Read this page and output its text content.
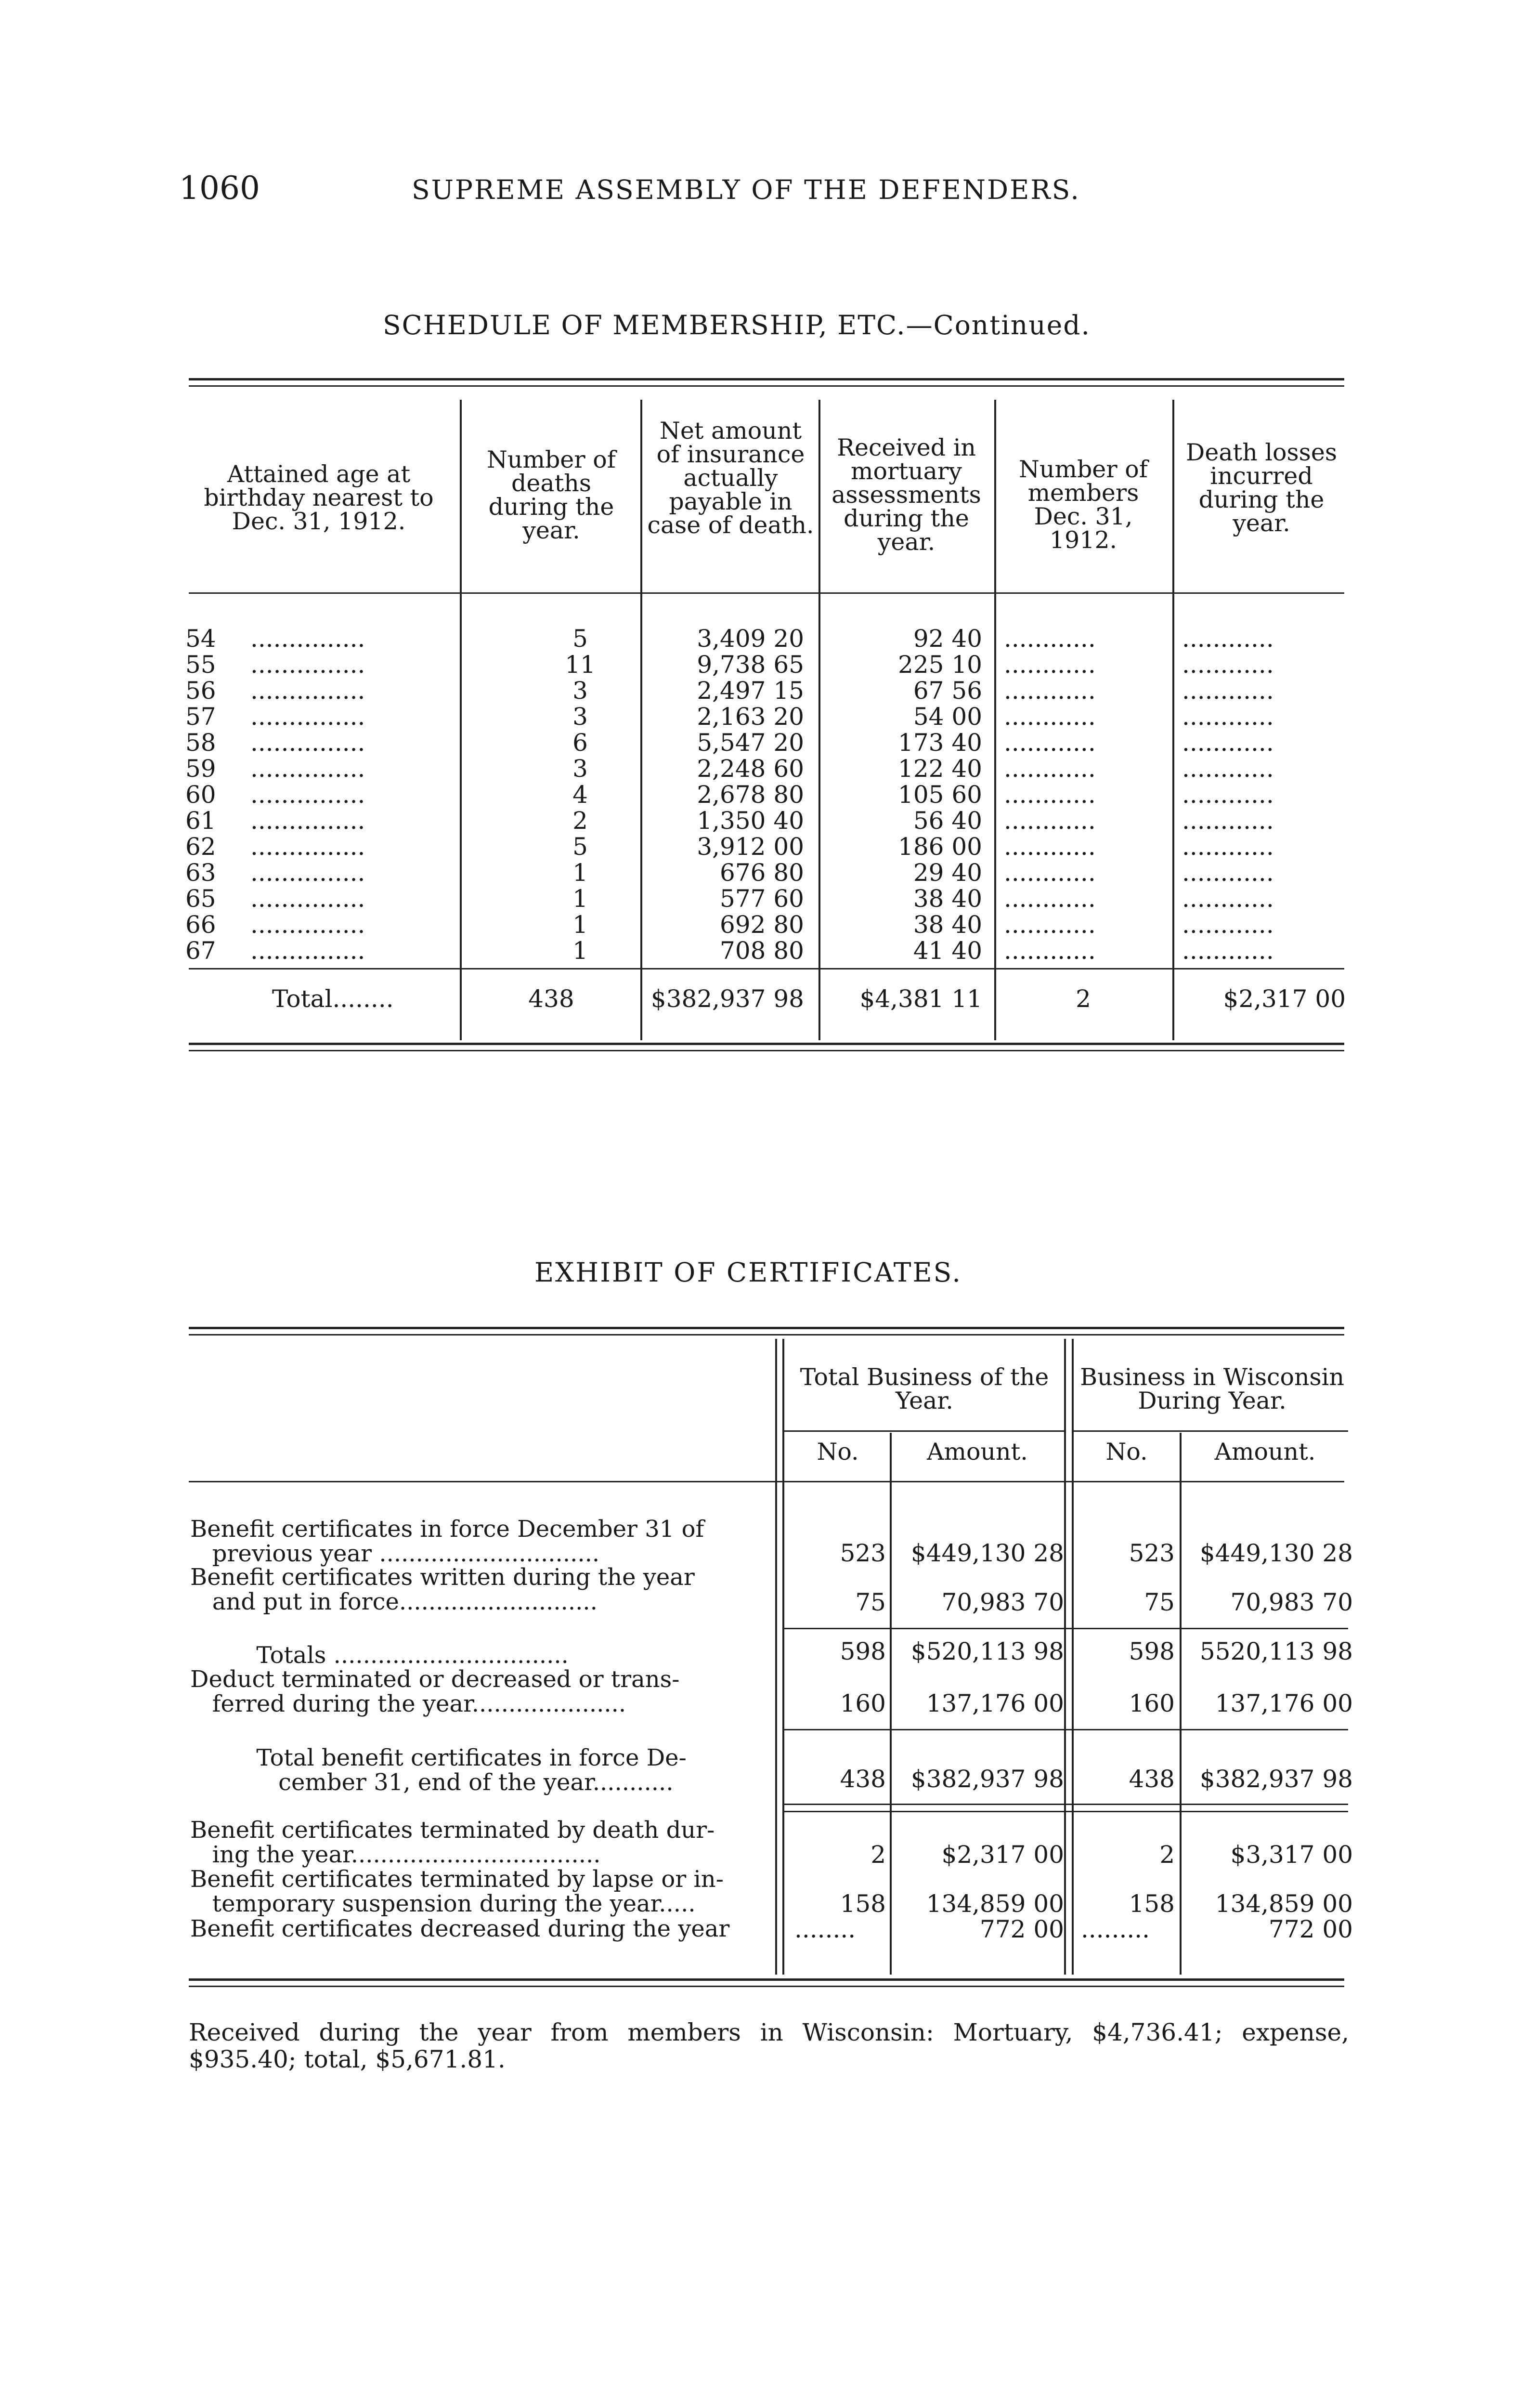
1060	SUPREME ASSEMBLY OF THE DEFENDERS.
SCHEDULE OF MEMBERSHIP, ETC.—Continued.
Attained age at birthday nearest to Dec. 31, 1912.
Number of deaths during the year.
Net amount of insurance actually payable in case of death.
Received in mortuary assessments during the year.
Number of members Dec. 31, 1912.
Death losses incurred during the year.
54	...............	5	3,409 20	92 40 ............	............
55	...............	11	9,738 65	225 10 ............	............
56	...............	3	2,497 15	67 56 ............	............
57	...............	3	2,163 20	54 00 ............	............
58	...............	6	5,547 20	173 40 ............	............
59	...............	3	2,248 60	122 40 ............	............
60	...............	4	2,678 80	105 60 ............	............
61	...............	2	1,350 40	56 40 ............	............
62	...............	5	3,912 00	186 00 ............	............
63	...............	1	676 80	29 40 ............	............
65	...............	1	577 60	38 40 ............	............
66	...............	1	692 80	38 40 ............	............
67	...............	1	708 80	41 40 ............	............
Total........	438	$382,937 98	$4,381 11	2	$2,317 00
EXHIBIT OF CERTIFICATES.
Total Business of the Year.
Business in Wisconsin During Year.
No.	Amount.	No.	Amount.
Benefit certificates in force December 31 of
previous year ..............................	523	$449,130 28	523	$449,130 28
Benefit certificates written during the year
and put in force...........................	75	70,983 70	75	70,983 70
Totals ................................	598	$520,113 98	598	5520,113 98
Deduct terminated or decreased or trans-
ferred during the year.....................	160	137,176 00	160	137,176 00
Total benefit certificates in force De-
cember 31, end of the year...........	438	$382,937 98	438	$382,937 98
Benefit certificates terminated by death dur-
ing the year..................................	2	$2,317 00	2	$3,317 00
Benefit certificates terminated by lapse or in-
temporary suspension during the year.....	158	134,859 00	158	134,859 00
Benefit certificates decreased during the year	........	772 00 .........	772 00
Received during the year from members in Wisconsin: Mortuary, $4,736.41; expense, $935.40; total, $5,671.81.
